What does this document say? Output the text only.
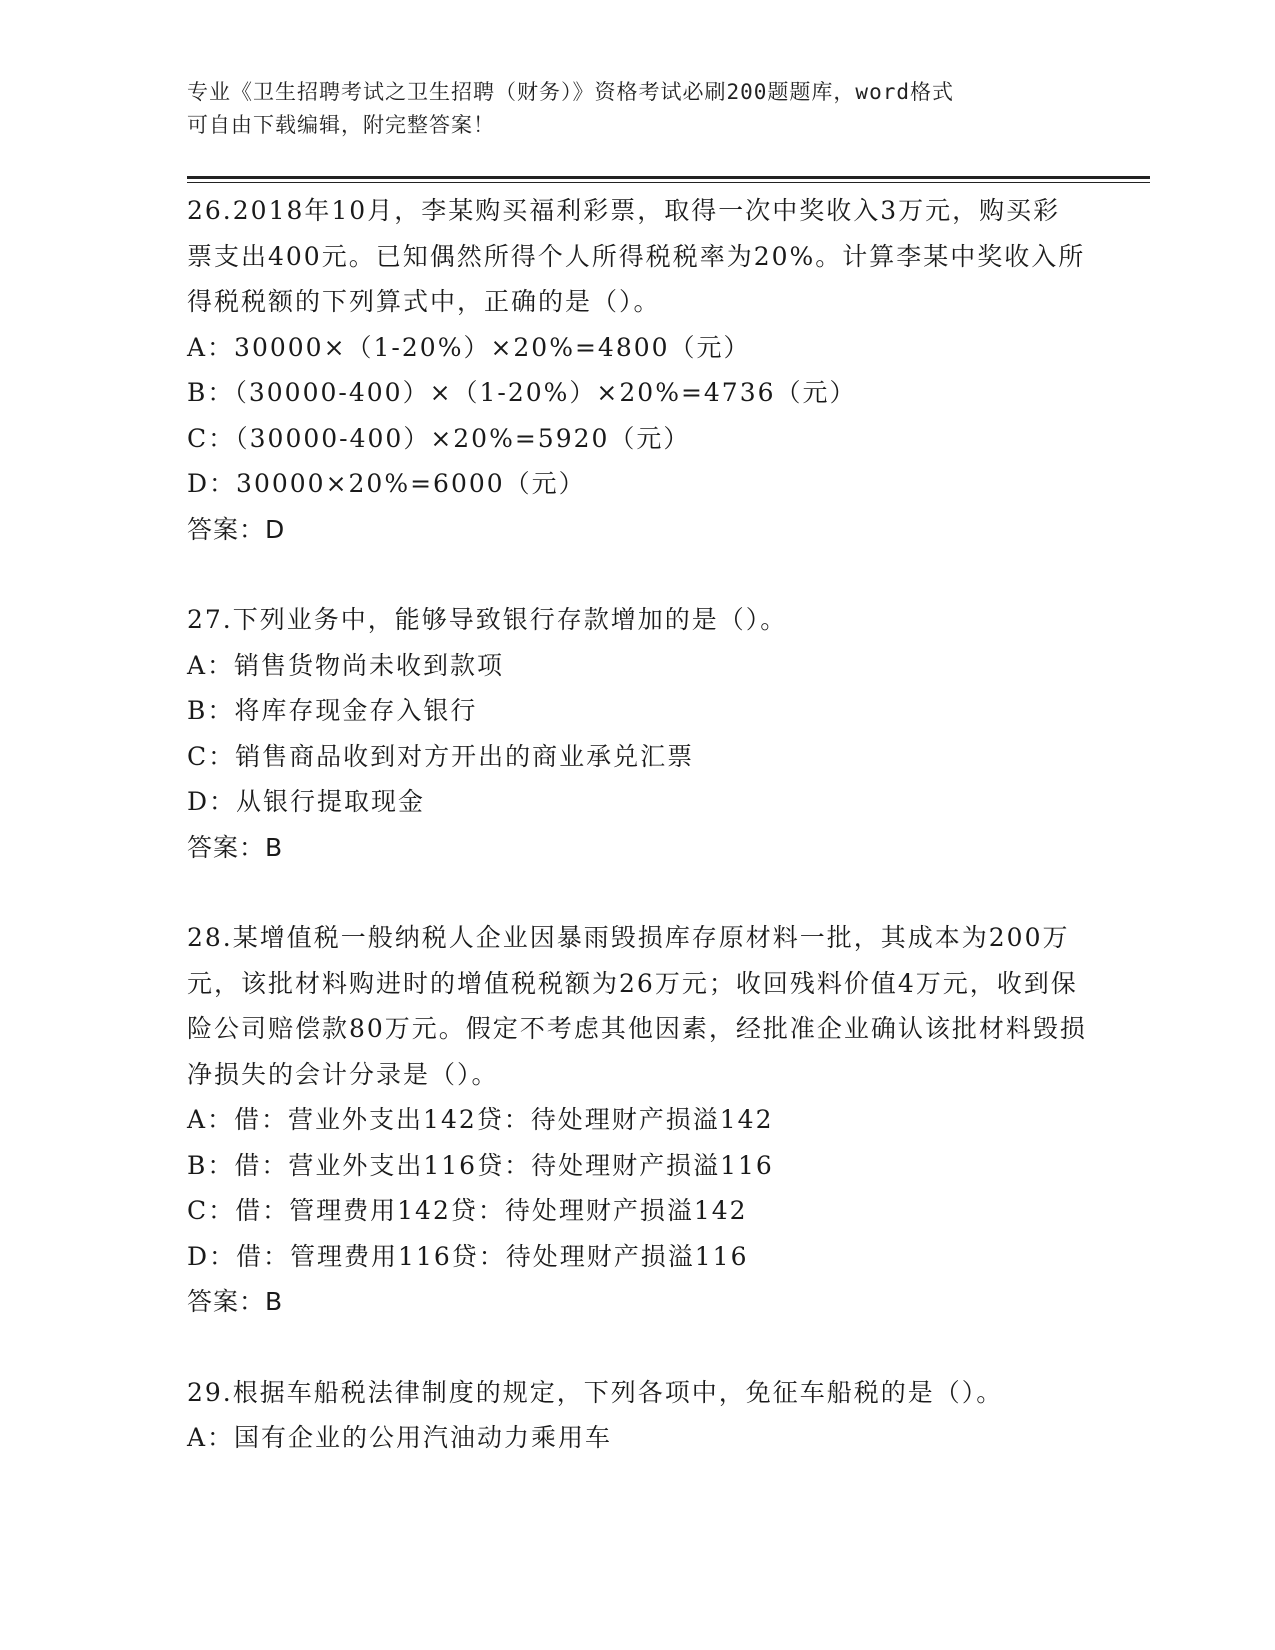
专业《卫生招聘考试之卫生招聘（财务）》资格考试必刷200题题库，word格式
可自由下载编辑，附完整答案！
26.2018年10月，李某购买福利彩票，取得一次中奖收入3万元，购买彩票支出400元。已知偶然所得个人所得税税率为20%。计算李某中奖收入所得税税额的下列算式中，正确的是（）。
A：30000×（1-20%）×20%=4800（元）
B：（30000-400）×（1-20%）×20%=4736（元）
C：（30000-400）×20%=5920（元）
D：30000×20%=6000（元）
答案：D
27.下列业务中，能够导致银行存款增加的是（）。
A：销售货物尚未收到款项
B：将库存现金存入银行
C：销售商品收到对方开出的商业承兑汇票
D：从银行提取现金
答案：B
28.某增值税一般纳税人企业因暴雨毁损库存原材料一批，其成本为200万元，该批材料购进时的增值税税额为26万元；收回残料价值4万元，收到保险公司赔偿款80万元。假定不考虑其他因素，经批准企业确认该批材料毁损净损失的会计分录是（）。
A：借：营业外支出142贷：待处理财产损溢142
B：借：营业外支出116贷：待处理财产损溢116
C：借：管理费用142贷：待处理财产损溢142
D：借：管理费用116贷：待处理财产损溢116
答案：B
29.根据车船税法律制度的规定，下列各项中，免征车船税的是（）。
A：国有企业的公用汽油动力乘用车
